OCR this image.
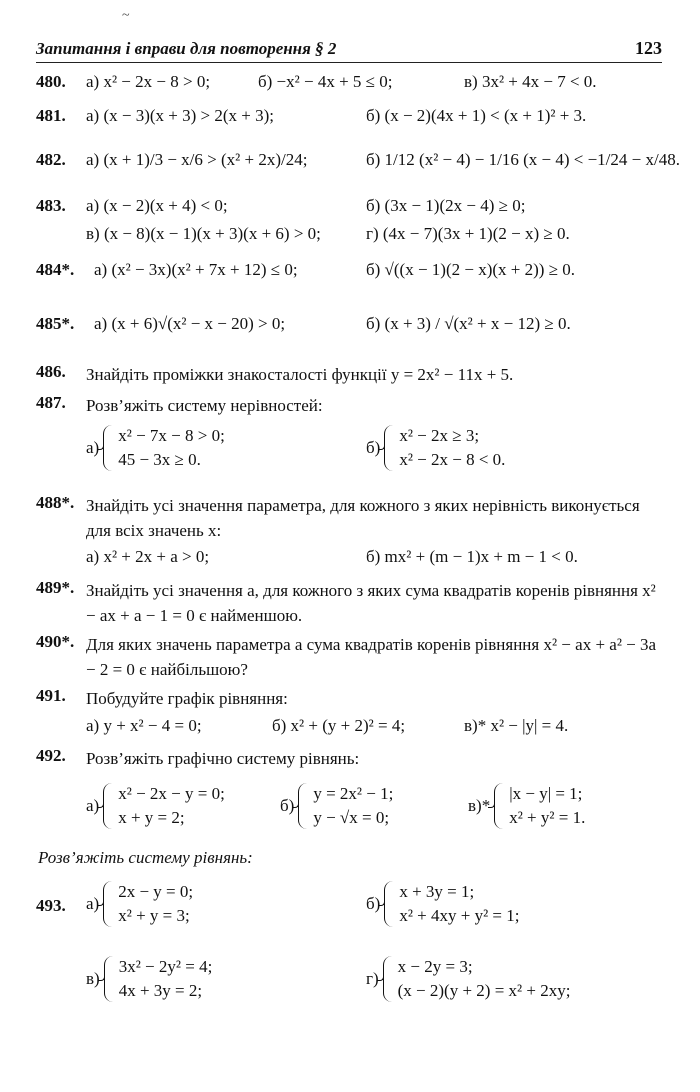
~
Запитання і вправи для повторення § 2	123
480. а) x² − 2x − 8 > 0;	б) −x² − 4x + 5 ≤ 0;	в) 3x² + 4x − 7 < 0.
481. а) (x − 3)(x + 3) > 2(x + 3);	б) (x − 2)(4x + 1) < (x + 1)² + 3.
482. а) (x + 1)/3 − x/6 > (x² + 2x)/24;	б) 1/12 (x² − 4) − 1/16 (x − 4) < −1/24 − x/48.
483. а) (x − 2)(x + 4) < 0;	б) (3x − 1)(2x − 4) ≥ 0;
в) (x − 8)(x − 1)(x + 3)(x + 6) > 0;	г) (4x − 7)(3x + 1)(2 − x) ≥ 0.
484*. а) (x² − 3x)(x² + 7x + 12) ≤ 0;	б) √((x − 1)(2 − x)(x + 2)) ≥ 0.
485*. а) (x + 6)√(x² − x − 20) > 0;	б) (x + 3) / √(x² + x − 12) ≥ 0.
486. Знайдіть проміжки знакосталості функції y = 2x² − 11x + 5.
487. Розв’яжіть систему нерівностей:
а)
x² − 7x − 8 > 0;
45 − 3x ≥ 0.
б)
x² − 2x ≥ 3;
x² − 2x − 8 < 0.
488*. Знайдіть усі значення параметра, для кожного з яких нерівність виконується для всіх значень x:
а) x² + 2x + a > 0;	б) mx² + (m − 1)x + m − 1 < 0.
489*. Знайдіть усі значення a, для кожного з яких сума квадратів коренів рівняння x² − ax + a − 1 = 0 є найменшою.
490*. Для яких значень параметра a сума квадратів коренів рівняння x² − ax + a² − 3a − 2 = 0 є найбільшою?
491. Побудуйте графік рівняння:
а) y + x² − 4 = 0;	б) x² + (y + 2)² = 4;	в)* x² − |y| = 4.
492. Розв’яжіть графічно систему рівнянь:
а)
x² − 2x − y = 0;
x + y = 2;
б)
y = 2x² − 1;
y − √x = 0;
в)*
|x − y| = 1;
x² + y² = 1.
Розв’яжіть систему рівнянь:
493. а)
2x − y = 0;
x² + y = 3;
б)
x + 3y = 1;
x² + 4xy + y² = 1;
в)
3x² − 2y² = 4;
4x + 3y = 2;
г)
x − 2y = 3;
(x − 2)(y + 2) = x² + 2xy;
